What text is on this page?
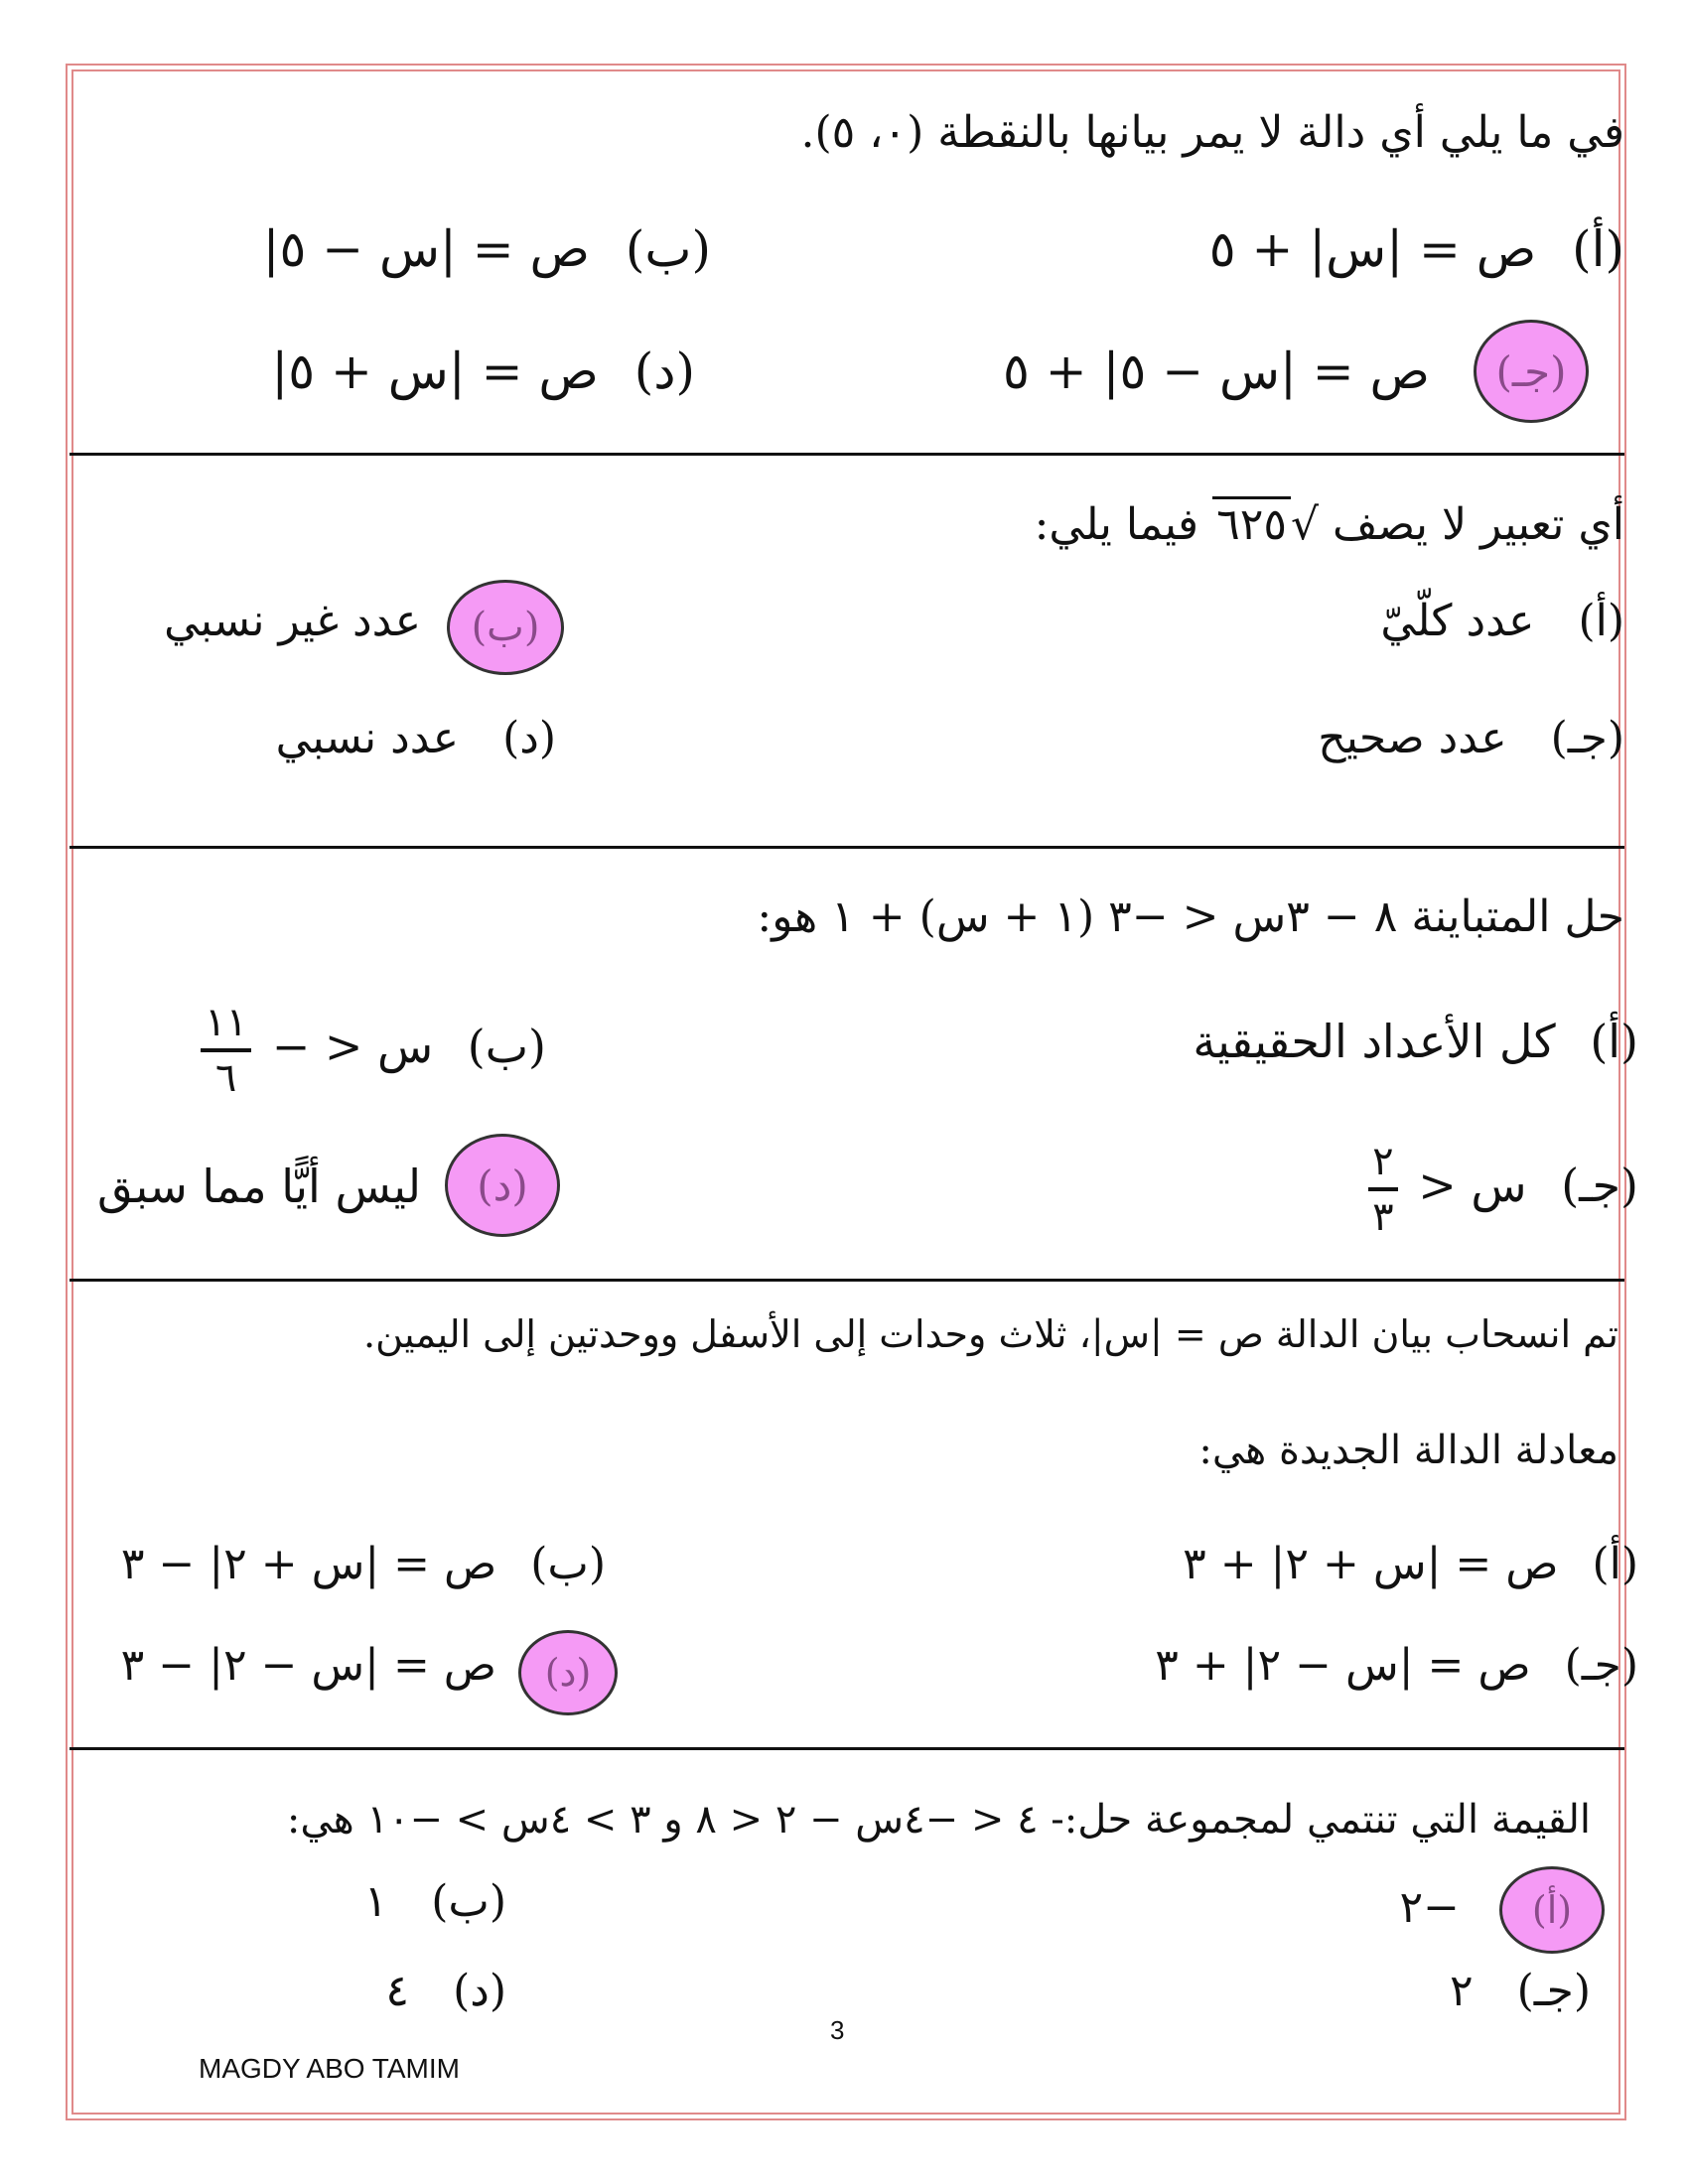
في ما يلي أي دالة لا يمر بيانها بالنقطة (٠، ٥).
(أ) ص = |س| + ٥
(ب) ص = |س − ٥|
(جـ)
ص = |س − ٥| + ٥
(د) ص = |س + ٥|
أي تعبير لا يصف √٦٢٥ فيما يلي:
(أ) عدد كلّيّ
(ب)
عدد غير نسبي
(جـ) عدد صحيح
(د) عدد نسبي
حل المتباينة ٨ − ٣س < −٣ (١ + س) + ١ هو:
(أ) كل الأعداد الحقيقية
(ب) س < −
$\frac{١١}{٦}$
(جـ) س <
$\frac{٢}{٣}$
(د)
ليس أيًّا مما سبق
تم انسحاب بيان الدالة ص = |س|، ثلاث وحدات إلى الأسفل ووحدتين إلى اليمين.
معادلة الدالة الجديدة هي:
(أ) ص = |س + ٢| + ٣
(ب) ص = |س + ٢| − ٣
(جـ) ص = |س − ٢| + ٣
(د)
ص = |س − ٢| − ٣
القيمة التي تنتمي لمجموعة حل:- ٤ < −٤س − ٢ < ٨ و ٣ > ٤س > −١٠ هي:
(أ)
−٢
(ب) ١
(جـ) ٢
(د) ٤
3
MAGDY ABO TAMIM
